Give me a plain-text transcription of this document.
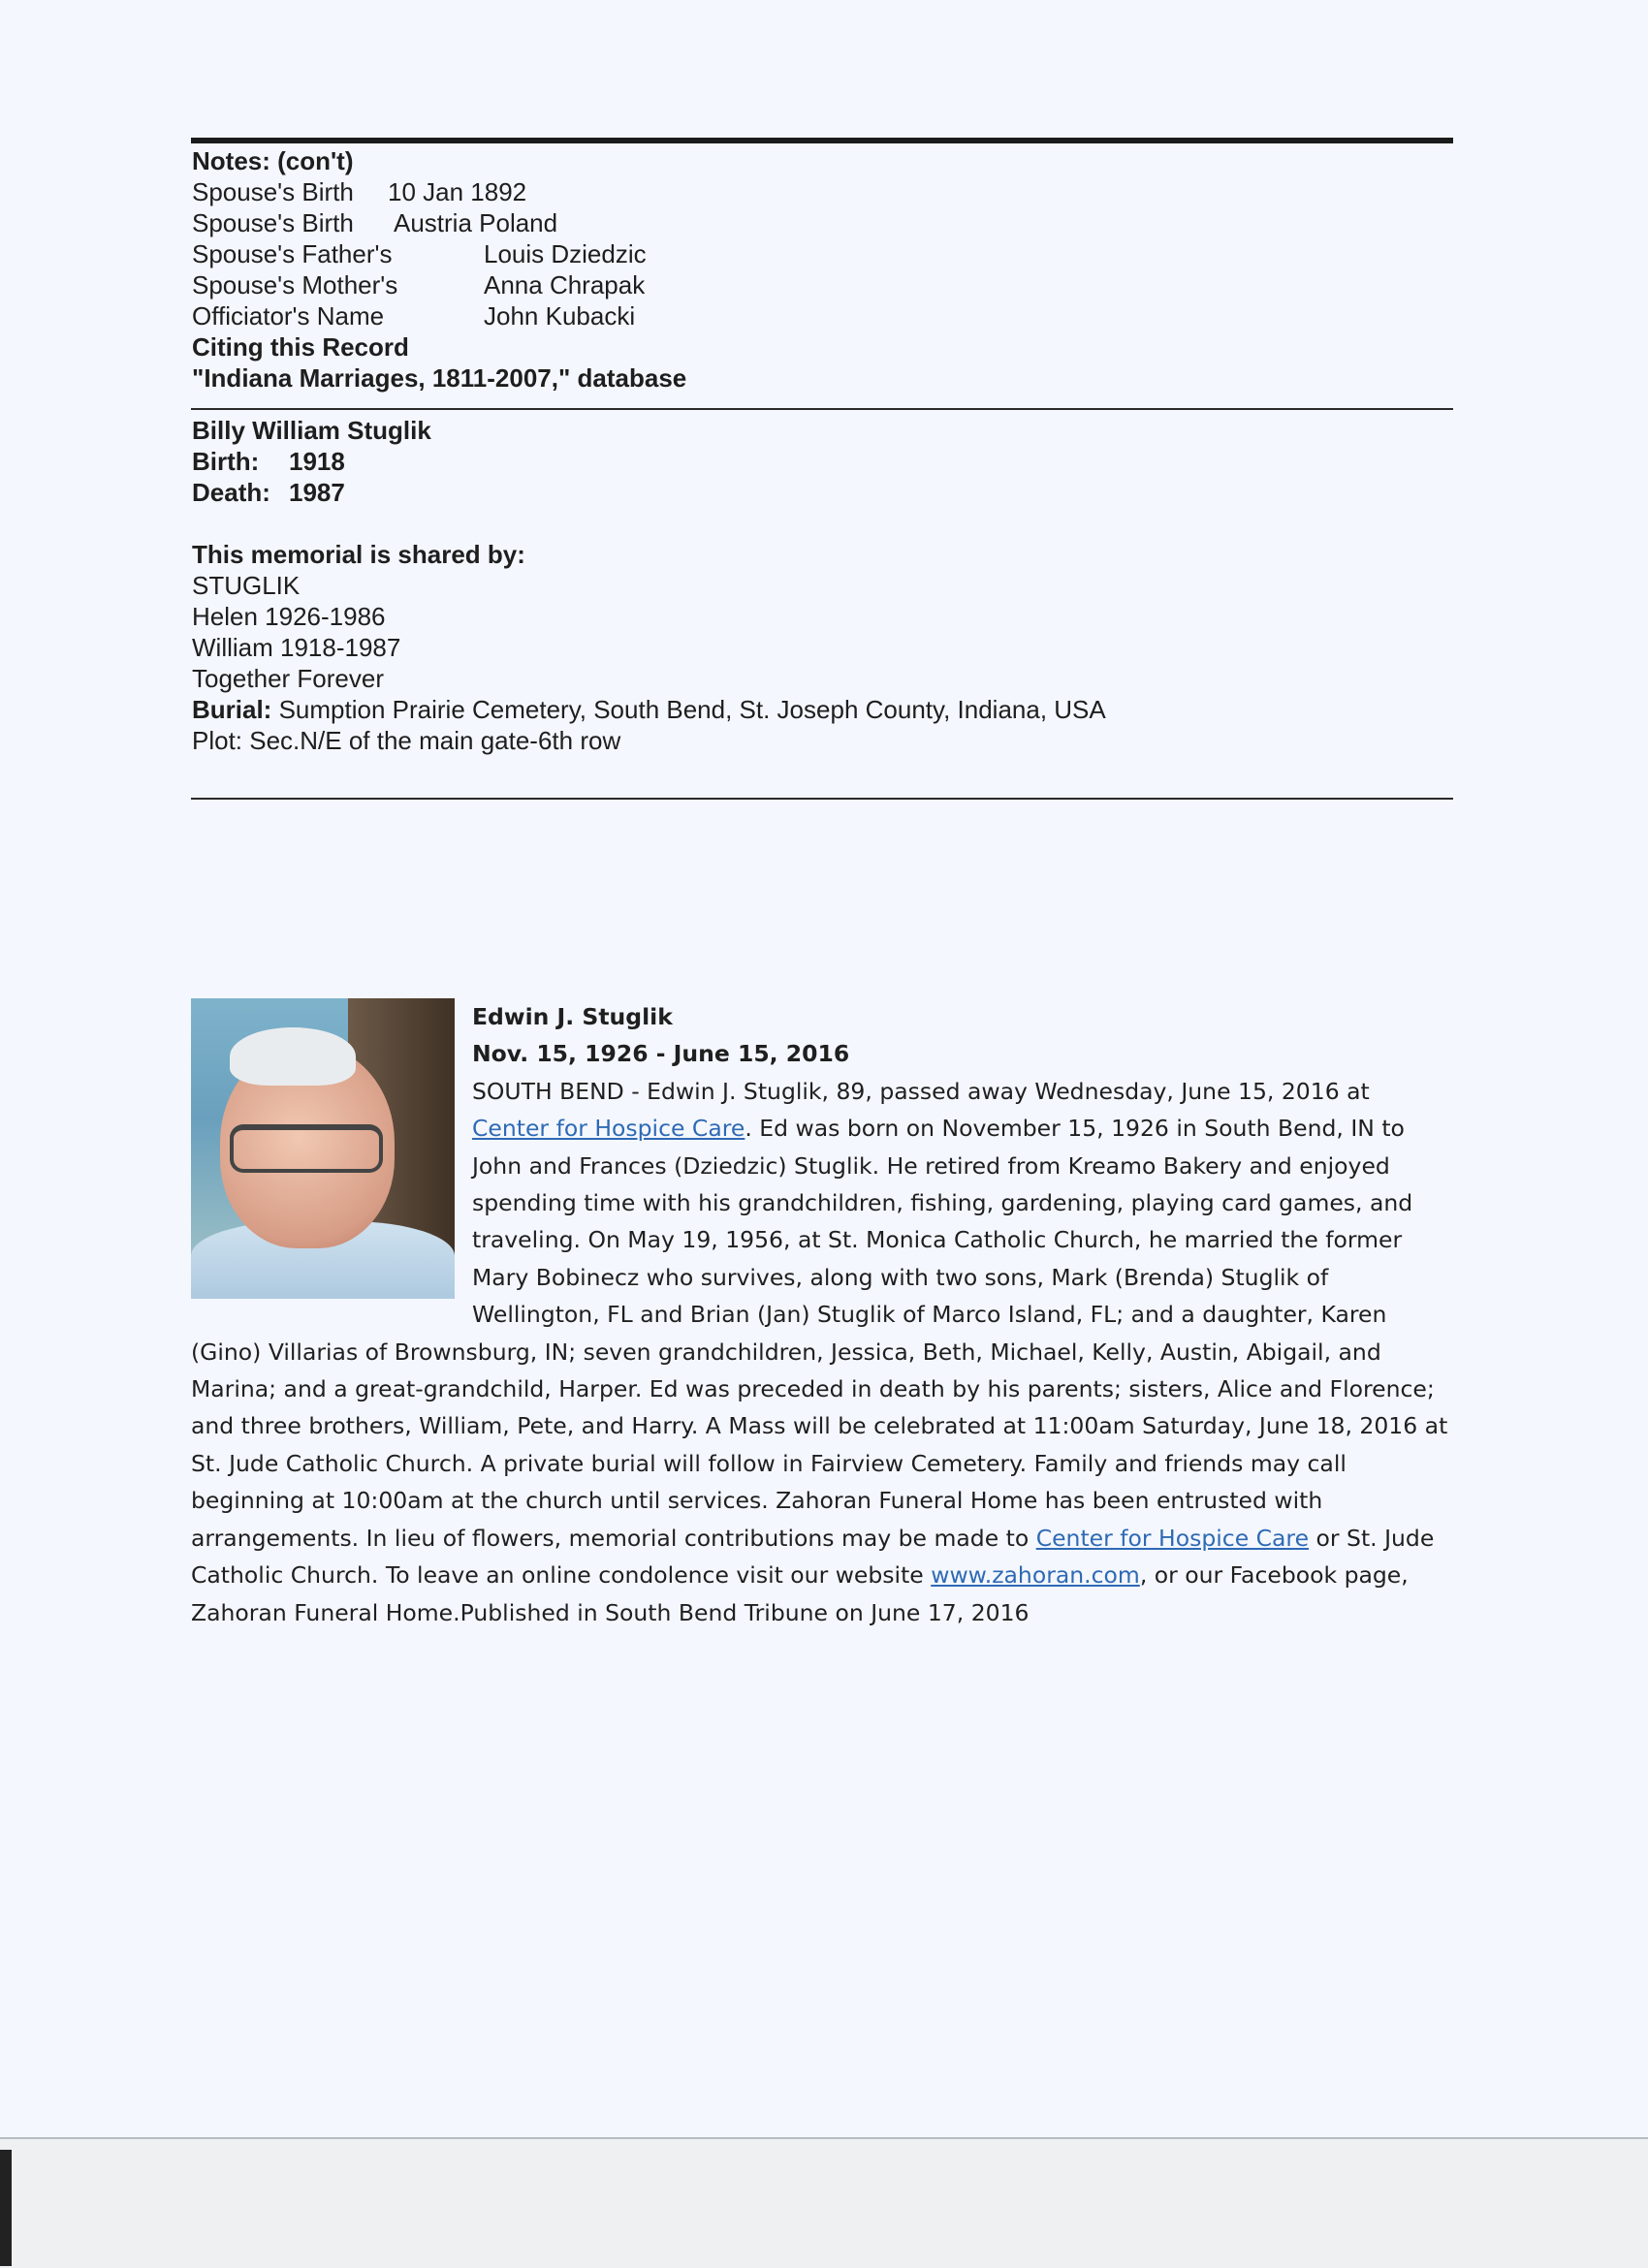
Notes: (con't)
Spouse's Birth	10 Jan 1892
Spouse's Birth	Austria Poland
Spouse's Father's	Louis Dziedzic
Spouse's Mother's	Anna Chrapak
Officiator's Name	John Kubacki
Citing this Record
"Indiana Marriages, 1811-2007," database
Billy William Stuglik
Birth: 1918
Death: 1987
This memorial is shared by:
STUGLIK
Helen 1926-1986
William 1918-1987
Together Forever
Burial: Sumption Prairie Cemetery, South Bend, St. Joseph County, Indiana, USA
Plot: Sec.N/E of the main gate-6th row
Edwin J. Stuglik
Nov. 15, 1926 - June 15, 2016
SOUTH BEND - Edwin J. Stuglik, 89, passed away Wednesday, June 15, 2016 at Center for Hospice Care. Ed was born on November 15, 1926 in South Bend, IN to John and Frances (Dziedzic) Stuglik. He retired from Kreamo Bakery and enjoyed spending time with his grandchildren, fishing, gardening, playing card games, and traveling. On May 19, 1956, at St. Monica Catholic Church, he married the former Mary Bobinecz who survives, along with two sons, Mark (Brenda) Stuglik of Wellington, FL and Brian (Jan) Stuglik of Marco Island, FL; and a daughter, Karen (Gino) Villarias of Brownsburg, IN; seven grandchildren, Jessica, Beth, Michael, Kelly, Austin, Abigail, and Marina; and a great-grandchild, Harper. Ed was preceded in death by his parents; sisters, Alice and Florence; and three brothers, William, Pete, and Harry. A Mass will be celebrated at 11:00am Saturday, June 18, 2016 at St. Jude Catholic Church. A private burial will follow in Fairview Cemetery. Family and friends may call beginning at 10:00am at the church until services. Zahoran Funeral Home has been entrusted with arrangements. In lieu of flowers, memorial contributions may be made to Center for Hospice Care or St. Jude Catholic Church. To leave an online condolence visit our website www.zahoran.com, or our Facebook page, Zahoran Funeral Home.Published in South Bend Tribune on June 17, 2016
